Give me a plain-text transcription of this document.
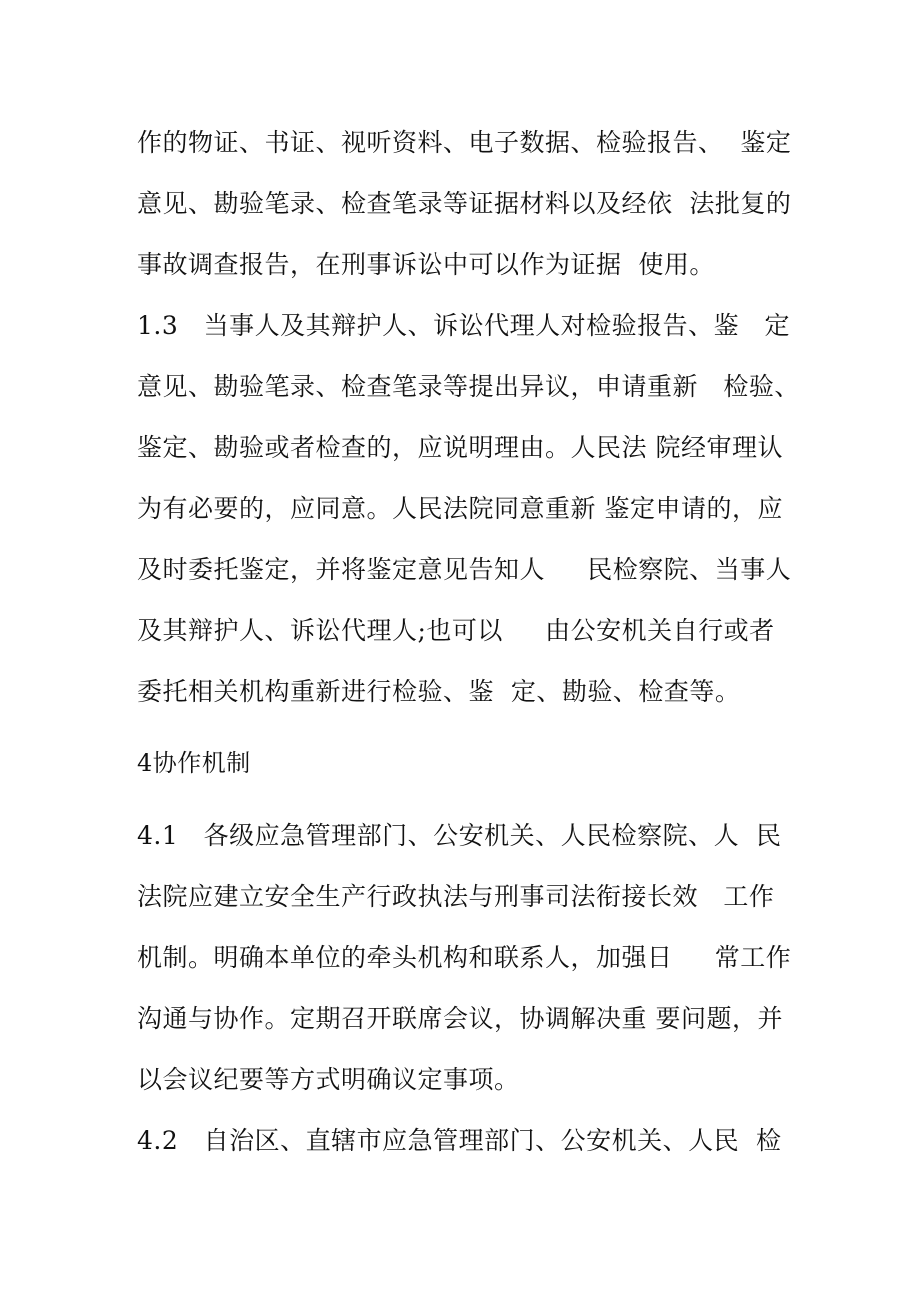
作的物证、书证、视听资料、电子数据、检验报告、  鉴定
意见、勘验笔录、检查笔录等证据材料以及经依  法批复的
事故调查报告，在刑事诉讼中可以作为证据  使用。
1.3   当事人及其辩护人、诉讼代理人对检验报告、鉴   定
意见、勘验笔录、检查笔录等提出异议，申请重新   检验、
鉴定、勘验或者检查的，应说明理由。人民法 院经审理认
为有必要的，应同意。人民法院同意重新 鉴定申请的，应
及时委托鉴定，并将鉴定意见告知人     民检察院、当事人
及其辩护人、诉讼代理人;也可以     由公安机关自行或者
委托相关机构重新进行检验、鉴  定、勘验、检查等。
4协作机制
4.1   各级应急管理部门、公安机关、人民检察院、人  民
法院应建立安全生产行政执法与刑事司法衔接长效   工作
机制。明确本单位的牵头机构和联系人，加强日     常工作
沟通与协作。定期召开联席会议，协调解决重 要问题，并
以会议纪要等方式明确议定事项。
4.2   自治区、直辖市应急管理部门、公安机关、人民  检
